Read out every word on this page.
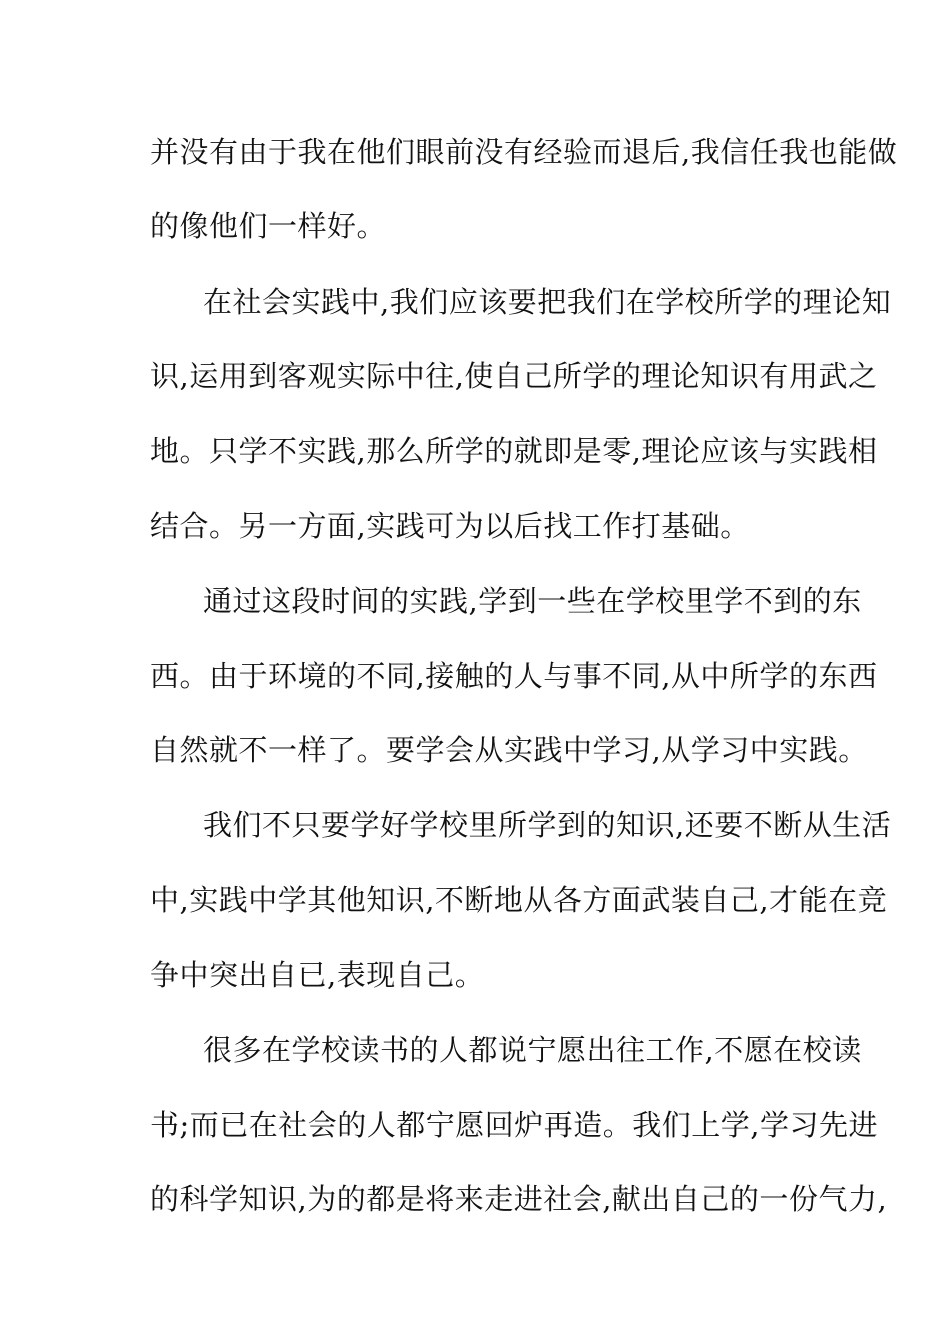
并没有由于我在他们眼前没有经验而退后,我信任我也能做
的像他们一样好。
在社会实践中,我们应该要把我们在学校所学的理论知
识,运用到客观实际中往,使自己所学的理论知识有用武之
地。只学不实践,那么所学的就即是零,理论应该与实践相
结合。另一方面,实践可为以后找工作打基础。
通过这段时间的实践,学到一些在学校里学不到的东
西。由于环境的不同,接触的人与事不同,从中所学的东西
自然就不一样了。要学会从实践中学习,从学习中实践。
我们不只要学好学校里所学到的知识,还要不断从生活
中,实践中学其他知识,不断地从各方面武装自己,才能在竞
争中突出自已,表现自己。
很多在学校读书的人都说宁愿出往工作,不愿在校读
书;而已在社会的人都宁愿回炉再造。我们上学,学习先进
的科学知识,为的都是将来走进社会,献出自己的一份气力,
